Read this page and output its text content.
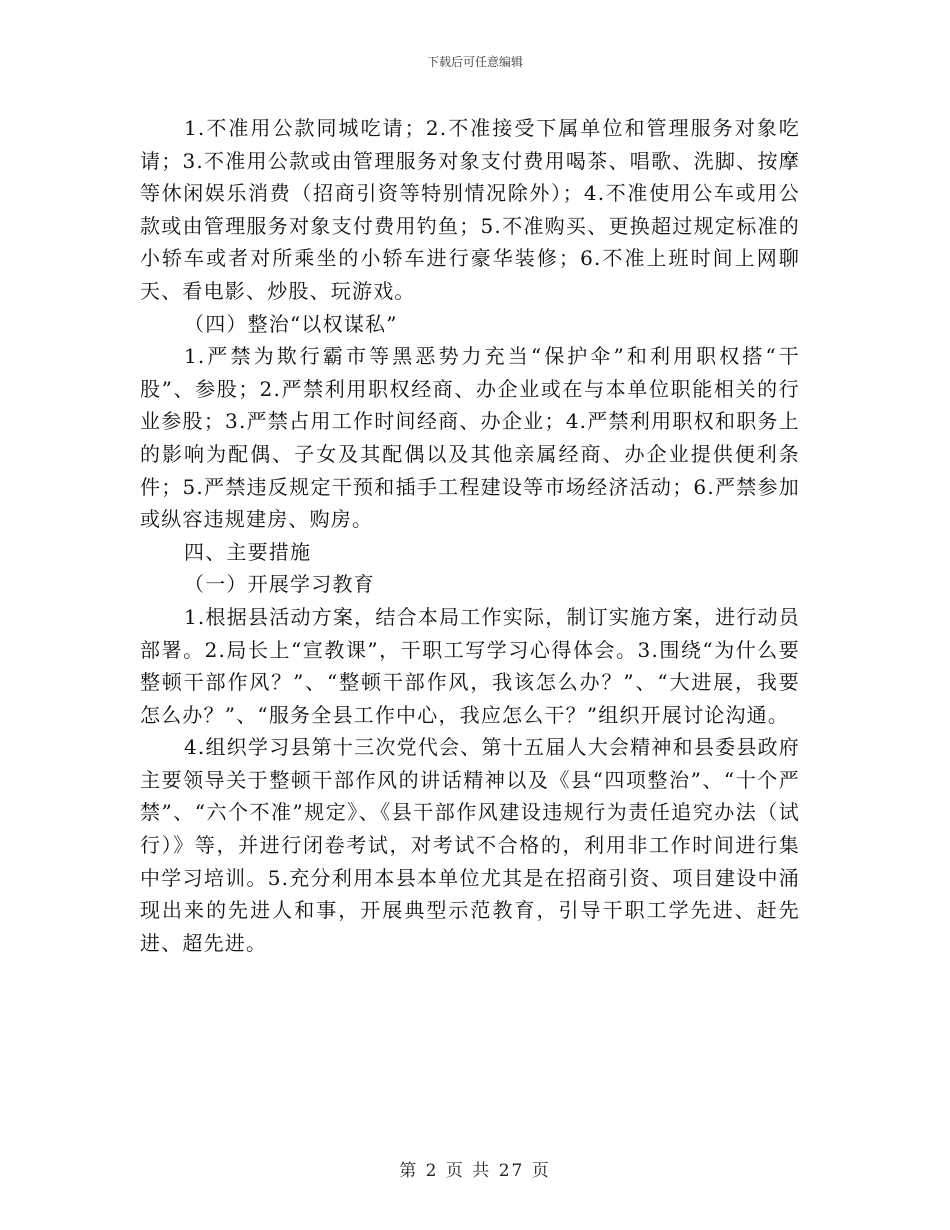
下载后可任意编辑

1.不准用公款同城吃请；2.不准接受下属单位和管理服务对象吃请；3.不准用公款或由管理服务对象支付费用喝茶、唱歌、洗脚、按摩等休闲娱乐消费（招商引资等特别情况除外）；4.不准使用公车或用公款或由管理服务对象支付费用钓鱼；5.不准购买、更换超过规定标准的小轿车或者对所乘坐的小轿车进行豪华装修；6.不准上班时间上网聊天、看电影、炒股、玩游戏。

（四）整治“以权谋私”

1.严禁为欺行霸市等黑恶势力充当“保护伞”和利用职权搭“干股”、参股；2.严禁利用职权经商、办企业或在与本单位职能相关的行业参股；3.严禁占用工作时间经商、办企业；4.严禁利用职权和职务上的影响为配偶、子女及其配偶以及其他亲属经商、办企业提供便利条件；5.严禁违反规定干预和插手工程建设等市场经济活动；6.严禁参加或纵容违规建房、购房。

四、主要措施

（一）开展学习教育

1.根据县活动方案，结合本局工作实际，制订实施方案，进行动员部署。2.局长上“宣教课”，干职工写学习心得体会。3.围绕“为什么要整顿干部作风？”、“整顿干部作风，我该怎么办？”、“大进展，我要怎么办？”、“服务全县工作中心，我应怎么干？”组织开展讨论沟通。

4.组织学习县第十三次党代会、第十五届人大会精神和县委县政府主要领导关于整顿干部作风的讲话精神以及《县“四项整治”、“十个严禁”、“六个不准”规定》、《县干部作风建设违规行为责任追究办法（试行）》等，并进行闭卷考试，对考试不合格的，利用非工作时间进行集中学习培训。5.充分利用本县本单位尤其是在招商引资、项目建设中涌现出来的先进人和事，开展典型示范教育，引导干职工学先进、赶先进、超先进。

第 2 页 共 27 页
